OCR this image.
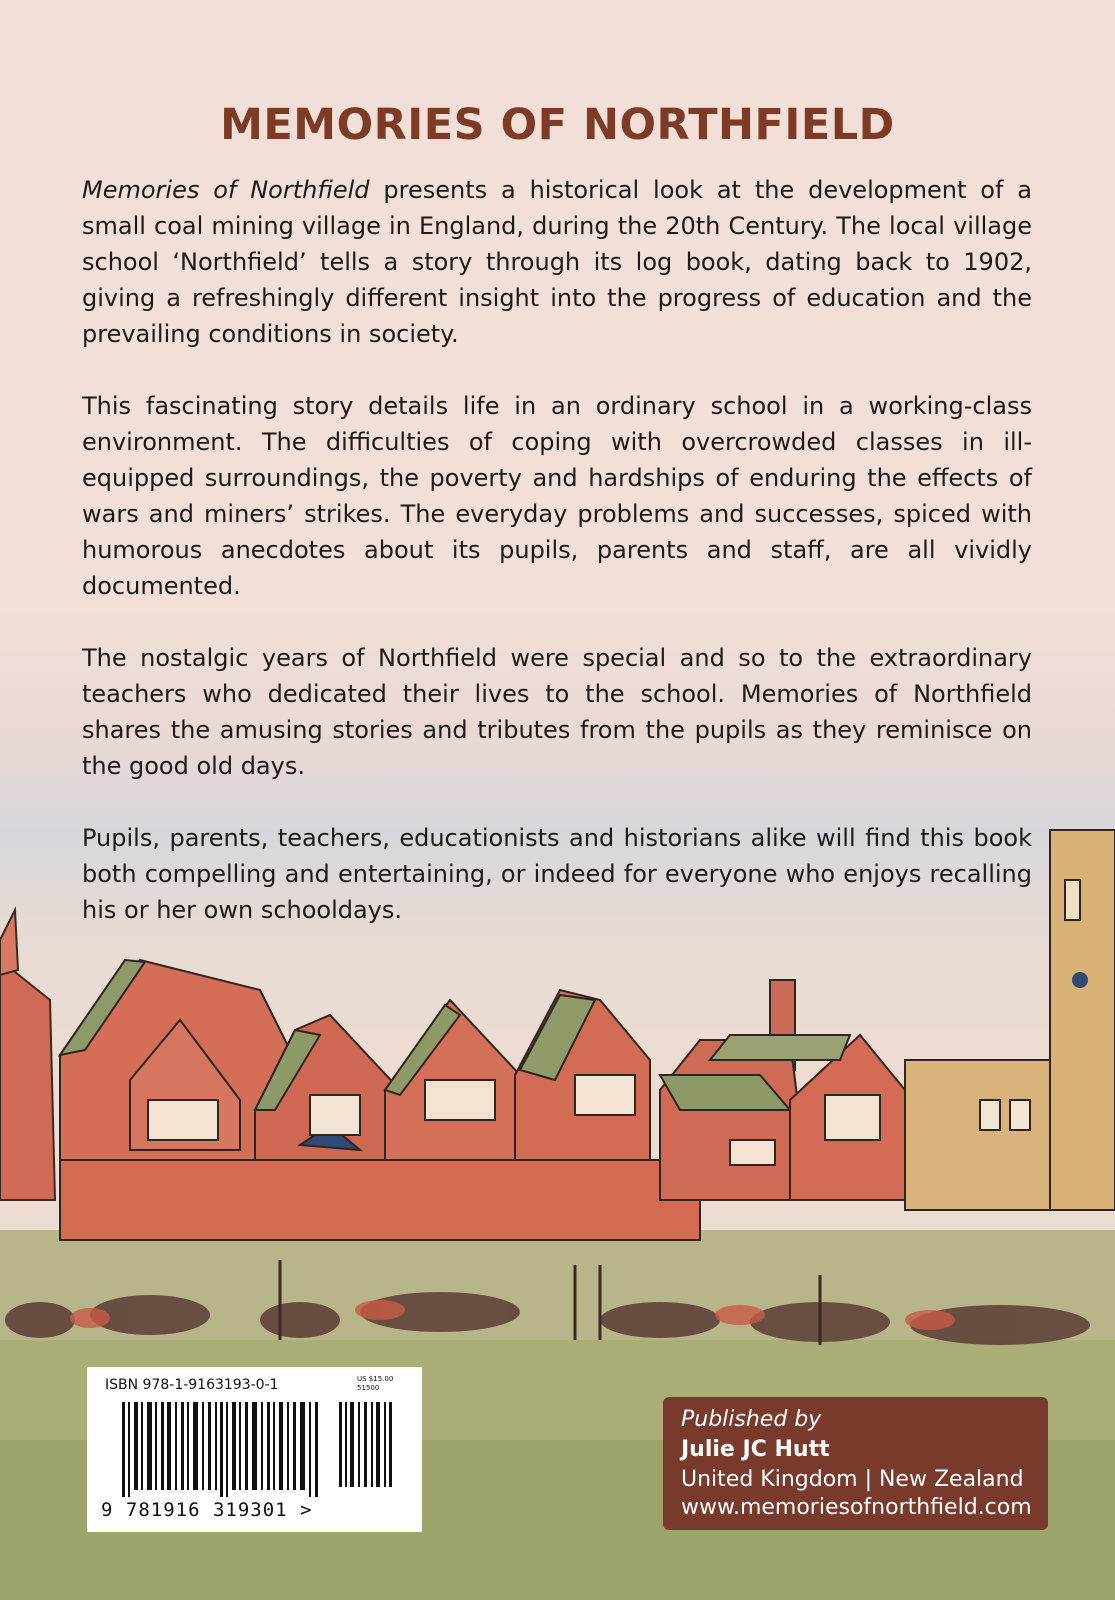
MEMORIES OF NORTHFIELD

Memories of Northfield presents a historical look at the development of a small coal mining village in England, during the 20th Century. The local village school ‘Northfield’ tells a story through its log book, dating back to 1902, giving a refreshingly different insight into the progress of education and the prevailing conditions in society.

This fascinating story details life in an ordinary school in a working-class environment. The difficulties of coping with overcrowded classes in ill-equipped surroundings, the poverty and hardships of enduring the effects of wars and miners’ strikes. The everyday problems and successes, spiced with humorous anecdotes about its pupils, parents and staff, are all vividly documented.

The nostalgic years of Northfield were special and so to the extraordinary teachers who dedicated their lives to the school. Memories of Northfield shares the amusing stories and tributes from the pupils as they reminisce on the good old days.

Pupils, parents, teachers, educationists and historians alike will find this book both compelling and entertaining, or indeed for everyone who enjoys recalling his or her own schooldays.

ISBN 978-1-9163193-0-1	US $15.00
51500
9 781916 319301 >
Published by
Julie JC Hutt
United Kingdom | New Zealand
www.memoriesofnorthfield.com
